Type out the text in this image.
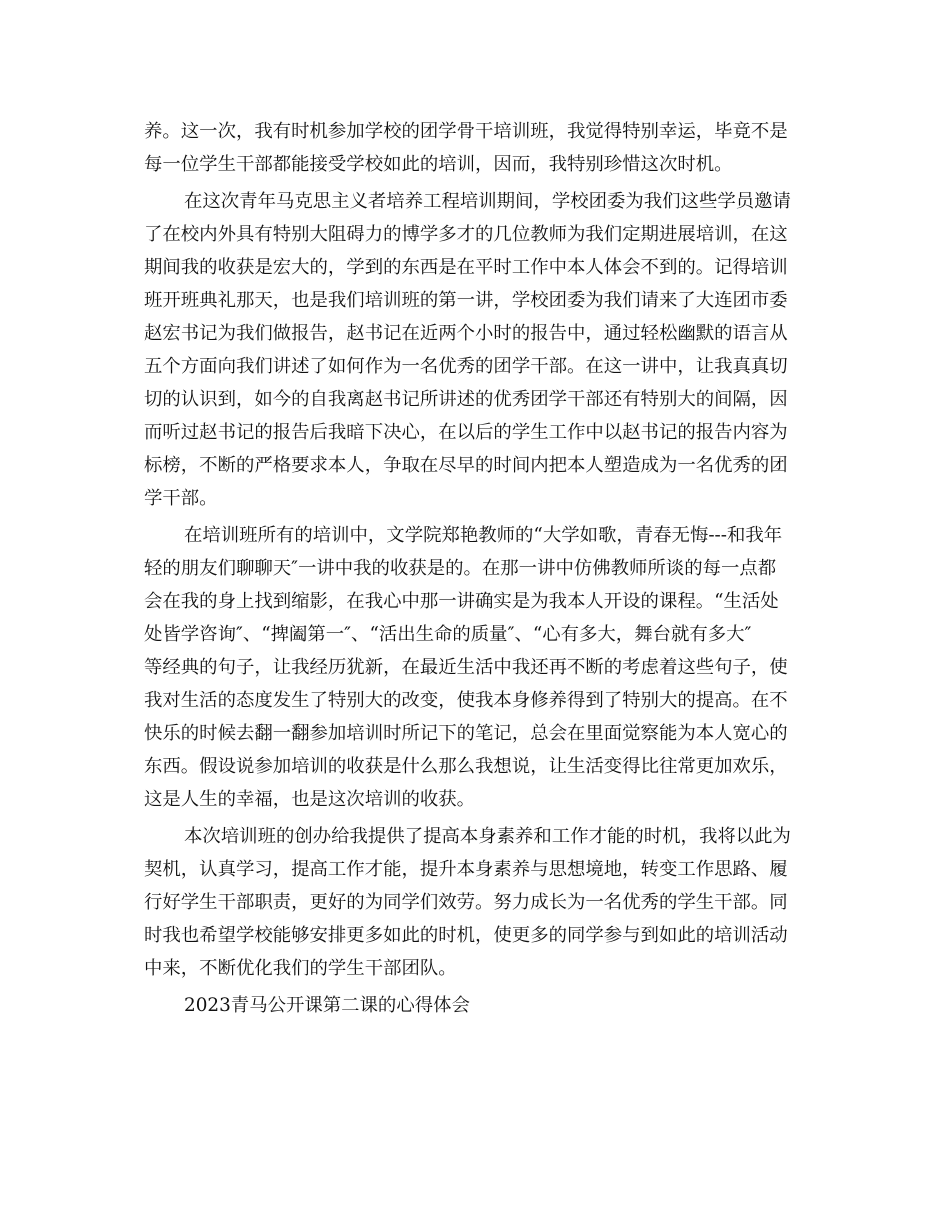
养。这一次，我有时机参加学校的团学骨干培训班，我觉得特别幸运，毕竟不是
每一位学生干部都能接受学校如此的培训，因而，我特别珍惜这次时机。
在这次青年马克思主义者培养工程培训期间，学校团委为我们这些学员邀请
了在校内外具有特别大阻碍力的博学多才的几位教师为我们定期进展培训，在这
期间我的收获是宏大的，学到的东西是在平时工作中本人体会不到的。记得培训
班开班典礼那天，也是我们培训班的第一讲，学校团委为我们请来了大连团市委
赵宏书记为我们做报告，赵书记在近两个小时的报告中，通过轻松幽默的语言从
五个方面向我们讲述了如何作为一名优秀的团学干部。在这一讲中，让我真真切
切的认识到，如今的自我离赵书记所讲述的优秀团学干部还有特别大的间隔，因
而听过赵书记的报告后我暗下决心，在以后的学生工作中以赵书记的报告内容为
标榜，不断的严格要求本人，争取在尽早的时间内把本人塑造成为一名优秀的团
学干部。
在培训班所有的培训中，文学院郑艳教师的“大学如歌，青春无悔---和我年
轻的朋友们聊聊天″一讲中我的收获是的。在那一讲中仿佛教师所谈的每一点都
会在我的身上找到缩影，在我心中那一讲确实是为我本人开设的课程。“生活处
处皆学咨询″、“捭阖第一″、“活出生命的质量″、“心有多大，舞台就有多大″
等经典的句子，让我经历犹新，在最近生活中我还再不断的考虑着这些句子，使
我对生活的态度发生了特别大的改变，使我本身修养得到了特别大的提高。在不
快乐的时候去翻一翻参加培训时所记下的笔记，总会在里面觉察能为本人宽心的
东西。假设说参加培训的收获是什么那么我想说，让生活变得比往常更加欢乐，
这是人生的幸福，也是这次培训的收获。
本次培训班的创办给我提供了提高本身素养和工作才能的时机，我将以此为
契机，认真学习，提高工作才能，提升本身素养与思想境地，转变工作思路、履
行好学生干部职责，更好的为同学们效劳。努力成长为一名优秀的学生干部。同
时我也希望学校能够安排更多如此的时机，使更多的同学参与到如此的培训活动
中来，不断优化我们的学生干部团队。
2023青马公开课第二课的心得体会
